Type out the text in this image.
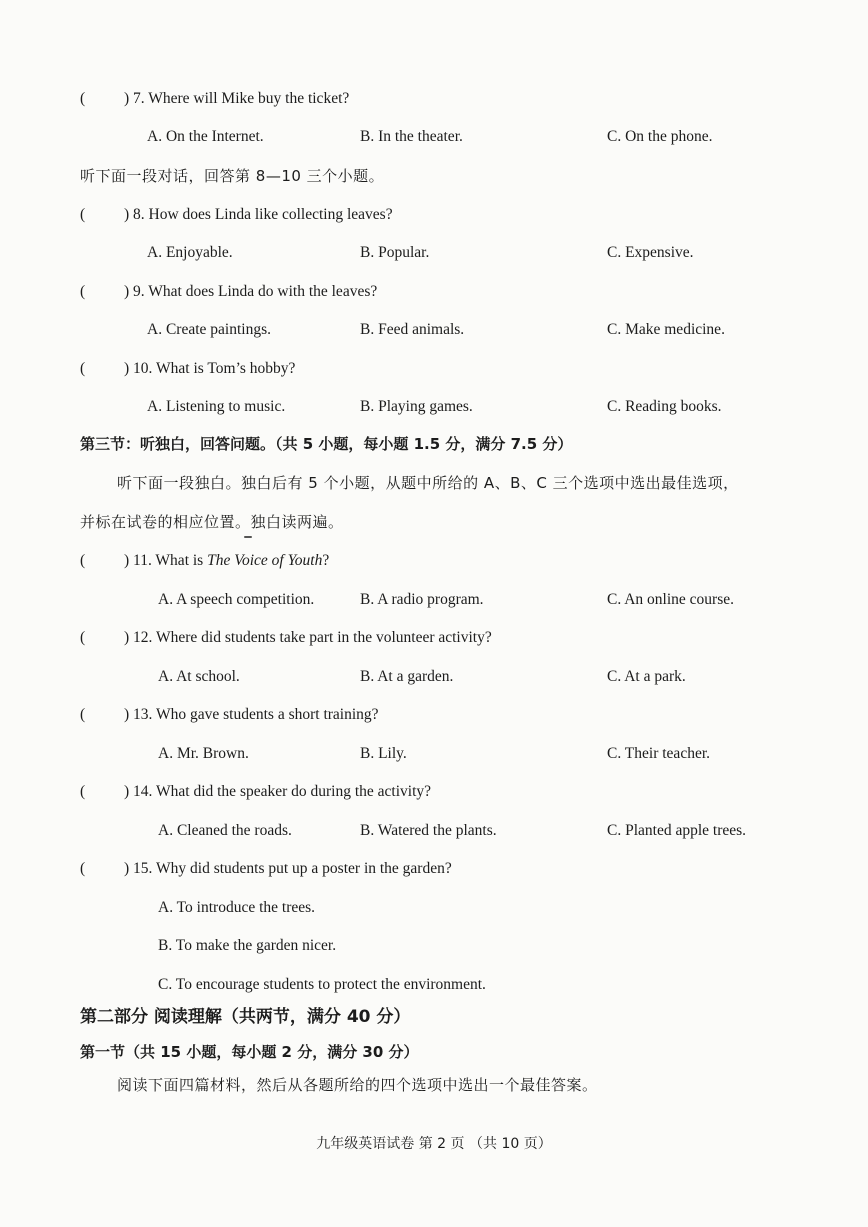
(	) 7. Where will Mike buy the ticket?
A. On the Internet.	B. In the theater.	C. On the phone.
听下面一段对话，回答第 8—10 三个小题。
(	) 8. How does Linda like collecting leaves?
A. Enjoyable.	B. Popular.	C. Expensive.
(	) 9. What does Linda do with the leaves?
A. Create paintings.	B. Feed animals.	C. Make medicine.
(	) 10. What is Tom’s hobby?
A. Listening to music.	B. Playing games.	C. Reading books.
第三节：听独白，回答问题。（共 5 小题，每小题 1.5 分，满分 7.5 分）
听下面一段独白。独白后有 5 个小题，从题中所给的 A、B、C 三个选项中选出最佳选项，
并标在试卷的相应位置。独白读两遍。
(	) 11. What is The Voice of Youth?
A. A speech competition.	B. A radio program.	C. An online course.
(	) 12. Where did students take part in the volunteer activity?
A. At school.	B. At a garden.	C. At a park.
(	) 13. Who gave students a short training?
A. Mr. Brown.	B. Lily.	C. Their teacher.
(	) 14. What did the speaker do during the activity?
A. Cleaned the roads.	B. Watered the plants.	C. Planted apple trees.
(	) 15. Why did students put up a poster in the garden?
A. To introduce the trees.
B. To make the garden nicer.
C. To encourage students to protect the environment.
第二部分 阅读理解（共两节，满分 40 分）
第一节（共 15 小题，每小题 2 分，满分 30 分）
阅读下面四篇材料，然后从各题所给的四个选项中选出一个最佳答案。
九年级英语试卷 第 2 页 （共 10 页）
